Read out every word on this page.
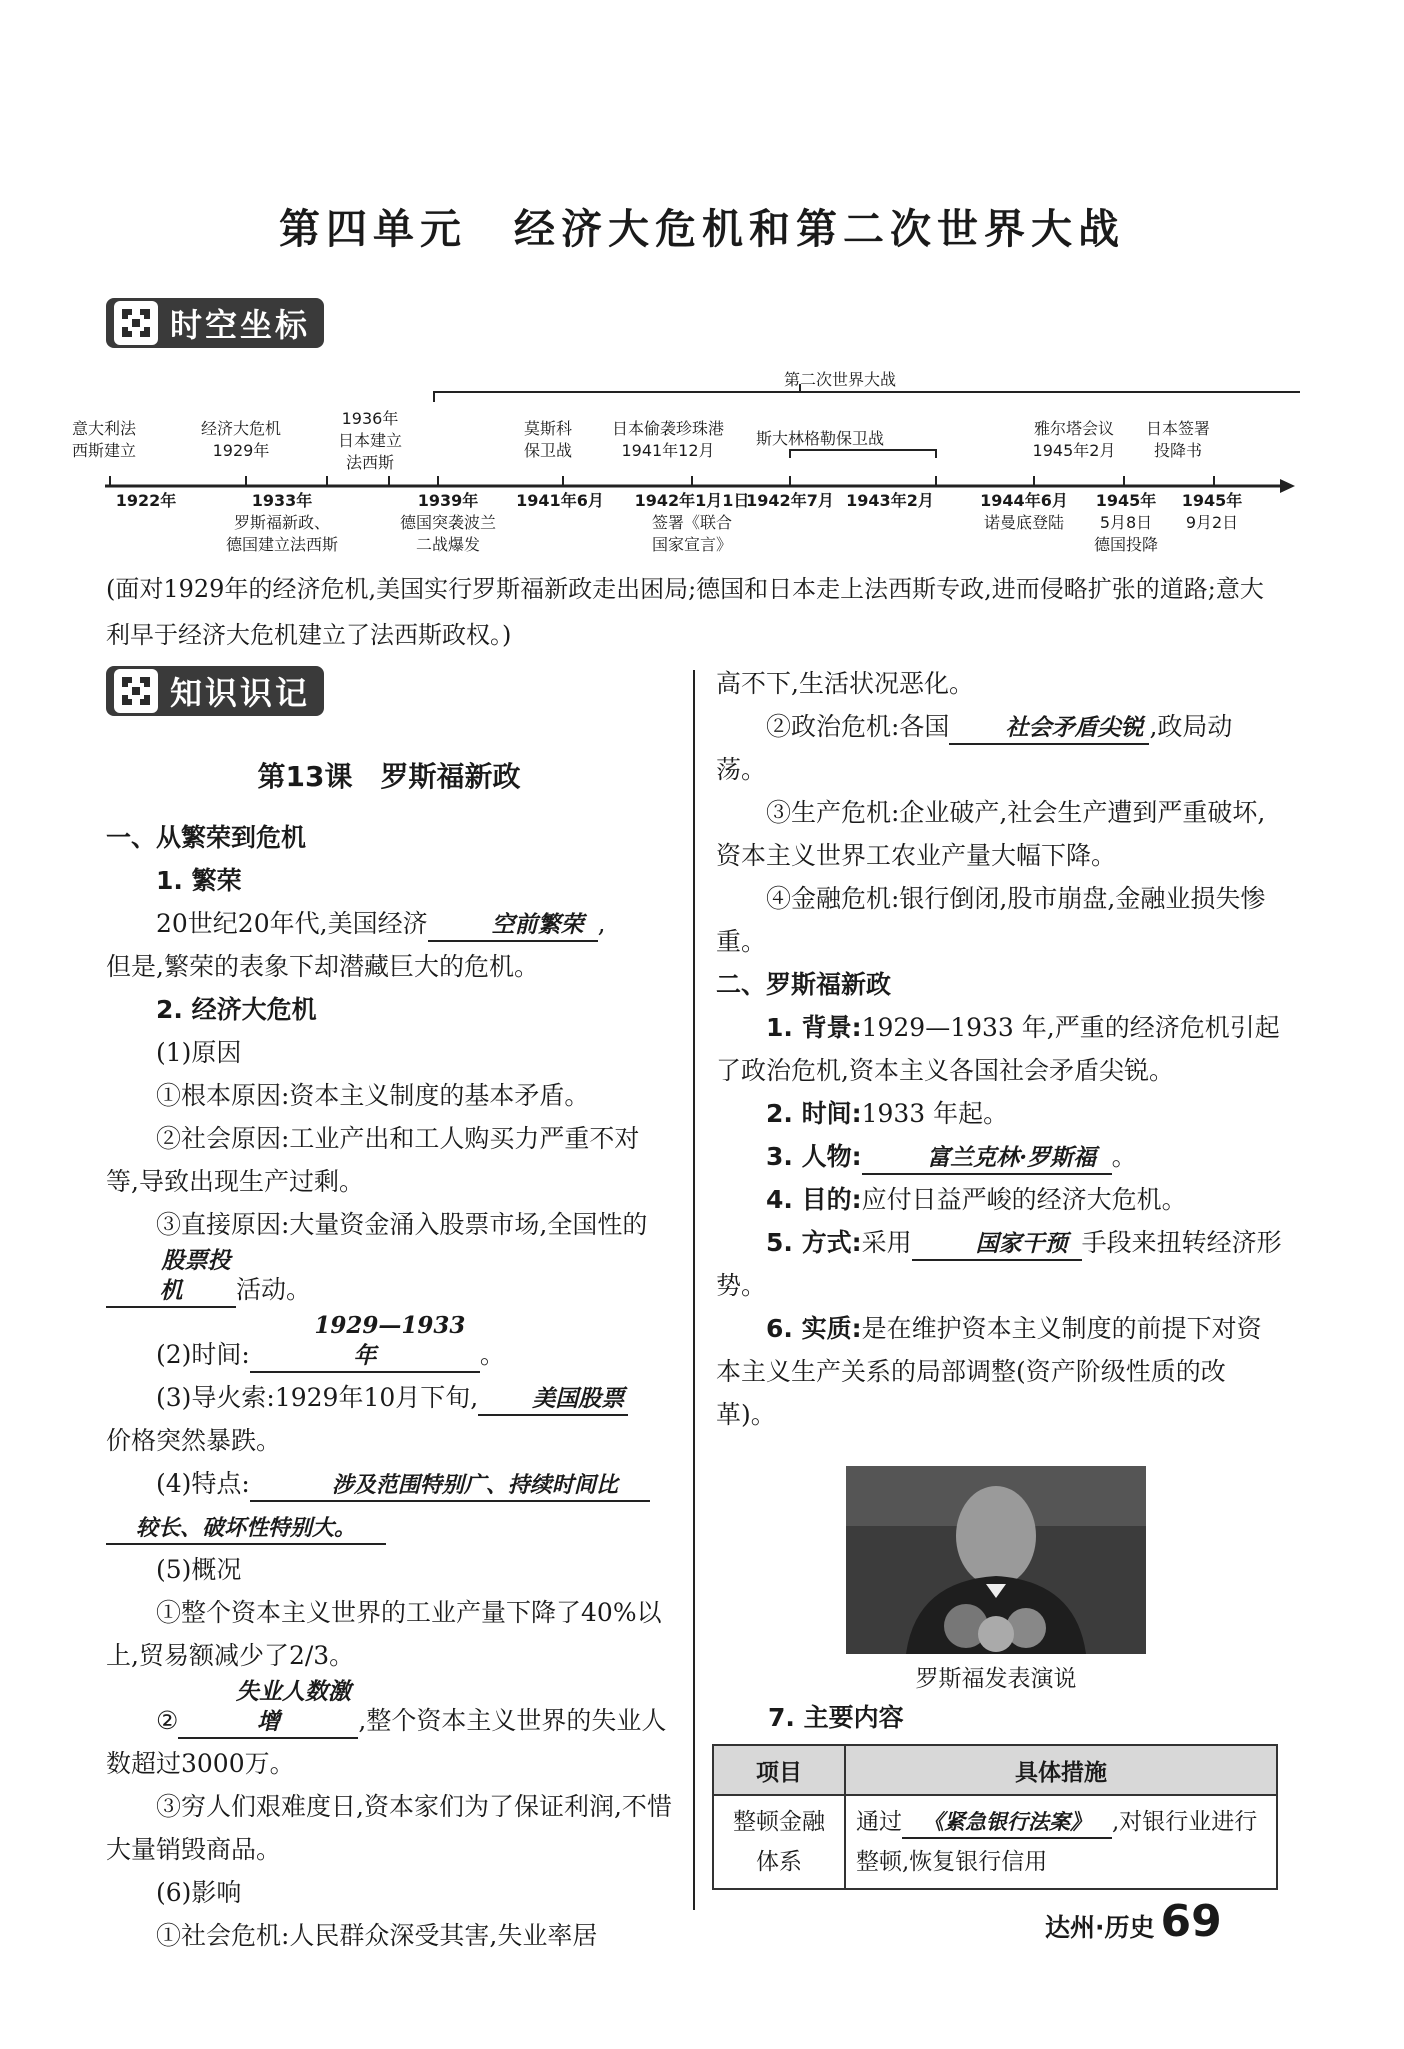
第四单元　经济大危机和第二次世界大战
时空坐标
第二次世界大战
意大利法
西斯建立
经济大危机
1929年
1936年
日本建立
法西斯
莫斯科
保卫战
日本偷袭珍珠港
1941年12月
斯大林格勒保卫战
雅尔塔会议
1945年2月
日本签署
投降书
1922年	1933年
罗斯福新政、
德国建立法西斯
1939年
德国突袭波兰
二战爆发
1941年6月	1942年1月1日
签署《联合
国家宣言》
1942年7月 1943年2月	1944年6月
诺曼底登陆
1945年
5月8日
德国投降
1945年
9月2日
(面对1929年的经济危机,美国实行罗斯福新政走出困局;德国和日本走上法西斯专政,进而侵略扩张的道路;意大利早于经济大危机建立了法西斯政权。)
知识识记
第13课　罗斯福新政
一、从繁荣到危机
1. 繁荣
20世纪20年代,美国经济	空前繁荣 ,
但是,繁荣的表象下却潜藏巨大的危机。
2. 经济大危机
(1)原因
①根本原因:资本主义制度的基本矛盾。
②社会原因:工业产出和工人购买力严重不对等,导致出现生产过剩。
③直接原因:大量资金涌入股票市场,全国性的股票投机 活动。
(2)时间:1929—1933 年	。
(3)导火索:1929年10月下旬, 美国股票
价格突然暴跌。
(4)特点:	涉及范围特别广、持续时间比
较长、破坏性特别大。
(5)概况
①整个资本主义世界的工业产量下降了40%以上,贸易额减少了2/3。
②失业人数激增	,整个资本主义世界的失业人数超过3000万。
③穷人们艰难度日,资本家们为了保证利润,不惜大量销毁商品。
(6)影响
①社会危机:人民群众深受其害,失业率居
高不下,生活状况恶化。
②政治危机:各国 社会矛盾尖锐 ,政局动荡。
③生产危机:企业破产,社会生产遭到严重破坏,资本主义世界工农业产量大幅下降。
④金融危机:银行倒闭,股市崩盘,金融业损失惨重。
二、罗斯福新政
1. 背景:1929—1933 年,严重的经济危机引起了政治危机,资本主义各国社会矛盾尖锐。
2. 时间:1933 年起。
3. 人物:	富兰克林·罗斯福 。
4. 目的:应付日益严峻的经济大危机。
5. 方式:采用	国家干预 手段来扭转经济形势。
6. 实质:是在维护资本主义制度的前提下对资本主义生产关系的局部调整(资产阶级性质的改革)。
罗斯福发表演说
7. 主要内容
项目	具体措施
整顿金融体系	通过 《紧急银行法案》 ,对银行业进行整顿,恢复银行信用
达州·历史 69
